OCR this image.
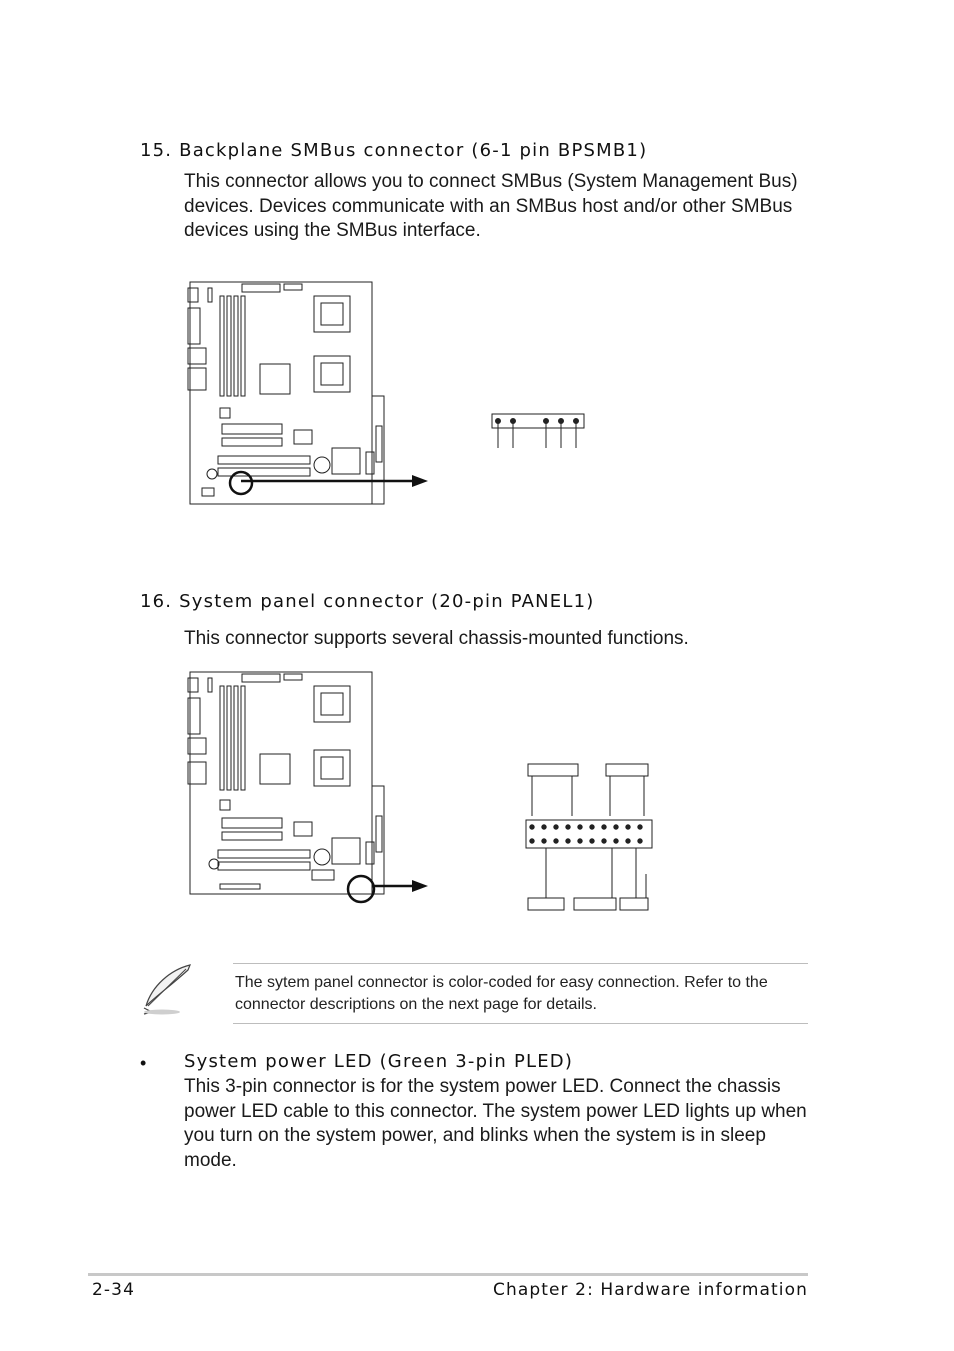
15. Backplane SMBus connector (6-1 pin BPSMB1)

This connector allows you to connect SMBus (System Management Bus) devices. Devices communicate with an SMBus host and/or other SMBus devices using the SMBus interface.

16. System panel connector (20-pin PANEL1)

This connector supports several chassis-mounted functions.

The sytem panel connector is color-coded for easy connection. Refer to the connector descriptions on the next page for details.

• System power LED (Green 3-pin PLED)

This 3-pin connector is for the system power LED. Connect the chassis power LED cable to this connector. The system power LED lights up when you turn on the system power, and blinks when the system is in sleep mode.

2-34	Chapter 2: Hardware information
